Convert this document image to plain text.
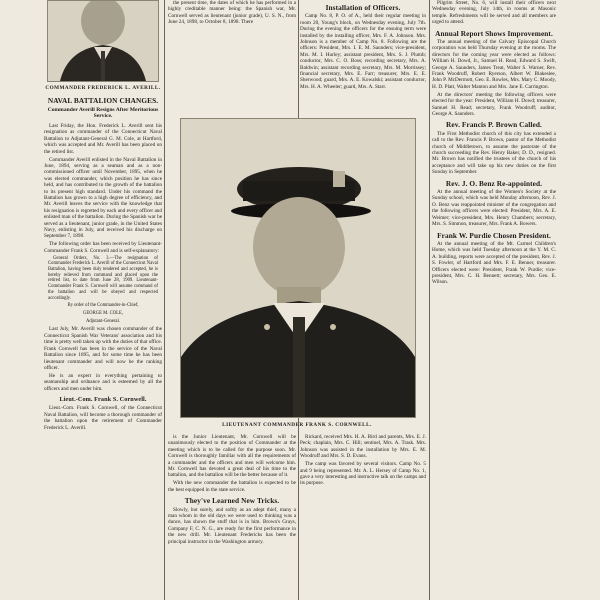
COMMANDER FREDERICK L. AVERILL.
NAVAL BATTALION CHANGES.
Commander Averill Resigns After Meritorious Service.

Last Friday, the Hon. Frederick L. Averill sent his resignation as commander of the Connecticut Naval Battalion to Adjutant-General G. M. Cole, at Hartford, which was accepted and Mr. Averill has been placed on the retired list.

Commander Averill enlisted in the Naval Battalion in June, 1894, serving as a seaman and as a non-commissioned officer until November, 1895, when he was elected commander, which position he has since held, and has contributed to the growth of the battalion to its present high standard. Under his command the Battalion has grown to a high degree of efficiency, and Mr. Averill leaves the service with the knowledge that his resignation is regretted by each and every officer and enlisted man of the battalion. During the Spanish war he served as a lieutenant, junior grade, in the United States Navy, enlisting in July, and received his discharge on September 7, 1898.

The following order has been received by Lieutenant-Commander Frank S. Cornwell and is self-explanatory:

General Orders, No. 3.—The resignation of Commander Frederick L. Averill of the Connecticut Naval Battalion, having been duly tendered and accepted, he is hereby relieved from command and placed upon the retired list, to date from June 28, 1909. Lieutenant-Commander Frank S. Cornwell will assume command of the battalion and will be obeyed and respected accordingly.

By order of the Commander-in-Chief,

GEORGE M. COLE,

Adjutant-General.

Last July, Mr. Averill was chosen commander of the Connecticut Spanish War Veterans' association and his time is pretty well taken up with the duties of that office. Frank Cornwell has been in the service of the Naval Battalion since 1895, and for some time he has been lieutenant commander and will now be the ranking officer.

He is an expert in everything pertaining to seamanship and ordnance and is esteemed by all the officers and men under him.

Lieut.-Com. Frank S. Cornwell.

Lieut.-Com. Frank S. Cornwell, of the Connecticut Naval Battalion, will become a thorough commander of the battalion upon the retirement of Commander Frederick L. Averill.

the present time, the dates of which he has performed in a highly creditable manner being: the Spanish war, Mr. Cornwell served as lieutenant (junior grade), U. S. N., from June 24, 1898, to October 8, 1898. There

Installation of Officers.

Camp No. 8, P. O. of A., held their regular meeting in room 20, Young's block, on Wednesday evening, July 7th. During the evening the officers for the ensuing term were installed by the installing officer, Mrs. F. A. Johnson. Mrs. Johnson is a member of Camp No. 8. Following are the officers: President, Mrs. I. E. M. Saunders; vice-president, Mrs. M. I. Hurley; assistant president, Mrs. S. J. Plumb; conductor, Mrs. C. O. Boss; recording secretary, Mrs. A. Baldwin; assistant recording secretary, Mrs. M. Morrissey; financial secretary, Mrs. E. Farr; treasurer, Mrs. E. E. Sherwood; guard, Mrs. A. E. Kowalski; assistant conductor, Mrs. H. A. Wheeler; guard, Mrs. A. Starr.

LIEUTENANT COMMANDER FRANK S. CORNWELL.

is the Junior Lieutenant, Mr. Cornwell will be unanimously elected to the position of Commander at the meeting which is to be called for the purpose soon. Mr. Cornwell is thoroughly familiar with all the requirements of a commander and the officers and men will welcome him. Mr. Cornwell has devoted a great deal of his time to the battalion, and the battalion will be the better because of it.

With the new commander the battalion is expected to be the best equipped in the state service.

They've Learned New Tricks.

Slowly, but surely, and softly as an adept thief, many a man whom in the old days we were used to thinking was a dunce, has shown the stuff that is in him. Brown's Grays, Company F, C. N. G., are ready for the first performance in the new drill. Mr. Lieutenant Fredericks has been the principal instructor in the Washington armory.

Rickard, received Mrs. H. A. Bird and parents, Mrs. E. J. Peck; chaplain, Mrs. C. Hill; sentinel, Mrs. A. Trask. Mrs. Johnson was assisted in the installation by Mrs. E. M. Woodruff and Mrs. S. D. Evans.

The camp was favored by several visitors. Camp No. 5 and 9 being represented. Mr. A. L. Hersey of Camp No. 1, gave a very interesting and instructive talk on the camps and its purpose.

Pilgrim Street, No. 6, will install their officers next Wednesday evening, July 14th, in rooms at Masonic temple. Refreshments will be served and all members are urged to attend.

Annual Report Shows Improvement.

The annual meeting of the Calvary Episcopal Church corporation was held Thursday evening at the rooms. The directors for the coming year were elected as follows: William H. Dowd, Jr., Samuel H. Read, Edward S. Swift, George A. Saunders, James Treat, Walter S. Warner, Rev. Frank Woodruff, Robert Ryerson, Albert W. Blakeslee, John P. McDermott, Geo. E. Rowles, Mrs. Mary C. Moody, H. D. Platt, Walter Manton and Mrs. Jane E. Carrington.

At the directors' meeting the following officers were elected for the year: President, William H. Dowd; treasurer, Samuel H. Read; secretary, Frank Woodruff; auditor, George A. Saunders.

Rev. Francis P. Brown Called.

The First Methodist church of this city has extended a call to the Rev. Francis P. Brown, pastor of the Methodist church of Middletown, to assume the pastorate of the church succeeding the Rev. Henry Baker, D. D., resigned. Mr. Brown has notified the trustees of the church of his acceptance and will take up his new duties on the first Sunday in September.

Rev. J. O. Benz Re-appointed.

At the annual meeting of the Women's Society at the Sunday school, which was held Monday afternoon, Rev. J. O. Benz was reappointed minister of the congregation and the following officers were elected: President, Mrs. A. E. Weimer; vice-president, Mrs. Henry Chambers; secretary, Mrs. S. Simmon, treasurer, Mrs. Frank A. Bowers.

Frank W. Purdie Chosen President.

At the annual meeting of the Mt. Carmel Children's Home, which was held Tuesday afternoon at the Y. M. C. A. building, reports were accepted of the president, Rev. J. S. Fowler, of Hartford and Mrs. F. E. Benner, treasurer. Officers elected were: President, Frank W. Purdie; vice-president, Mrs. C. H. Bennett; secretary, Mrs. Geo. E. Wilson.
